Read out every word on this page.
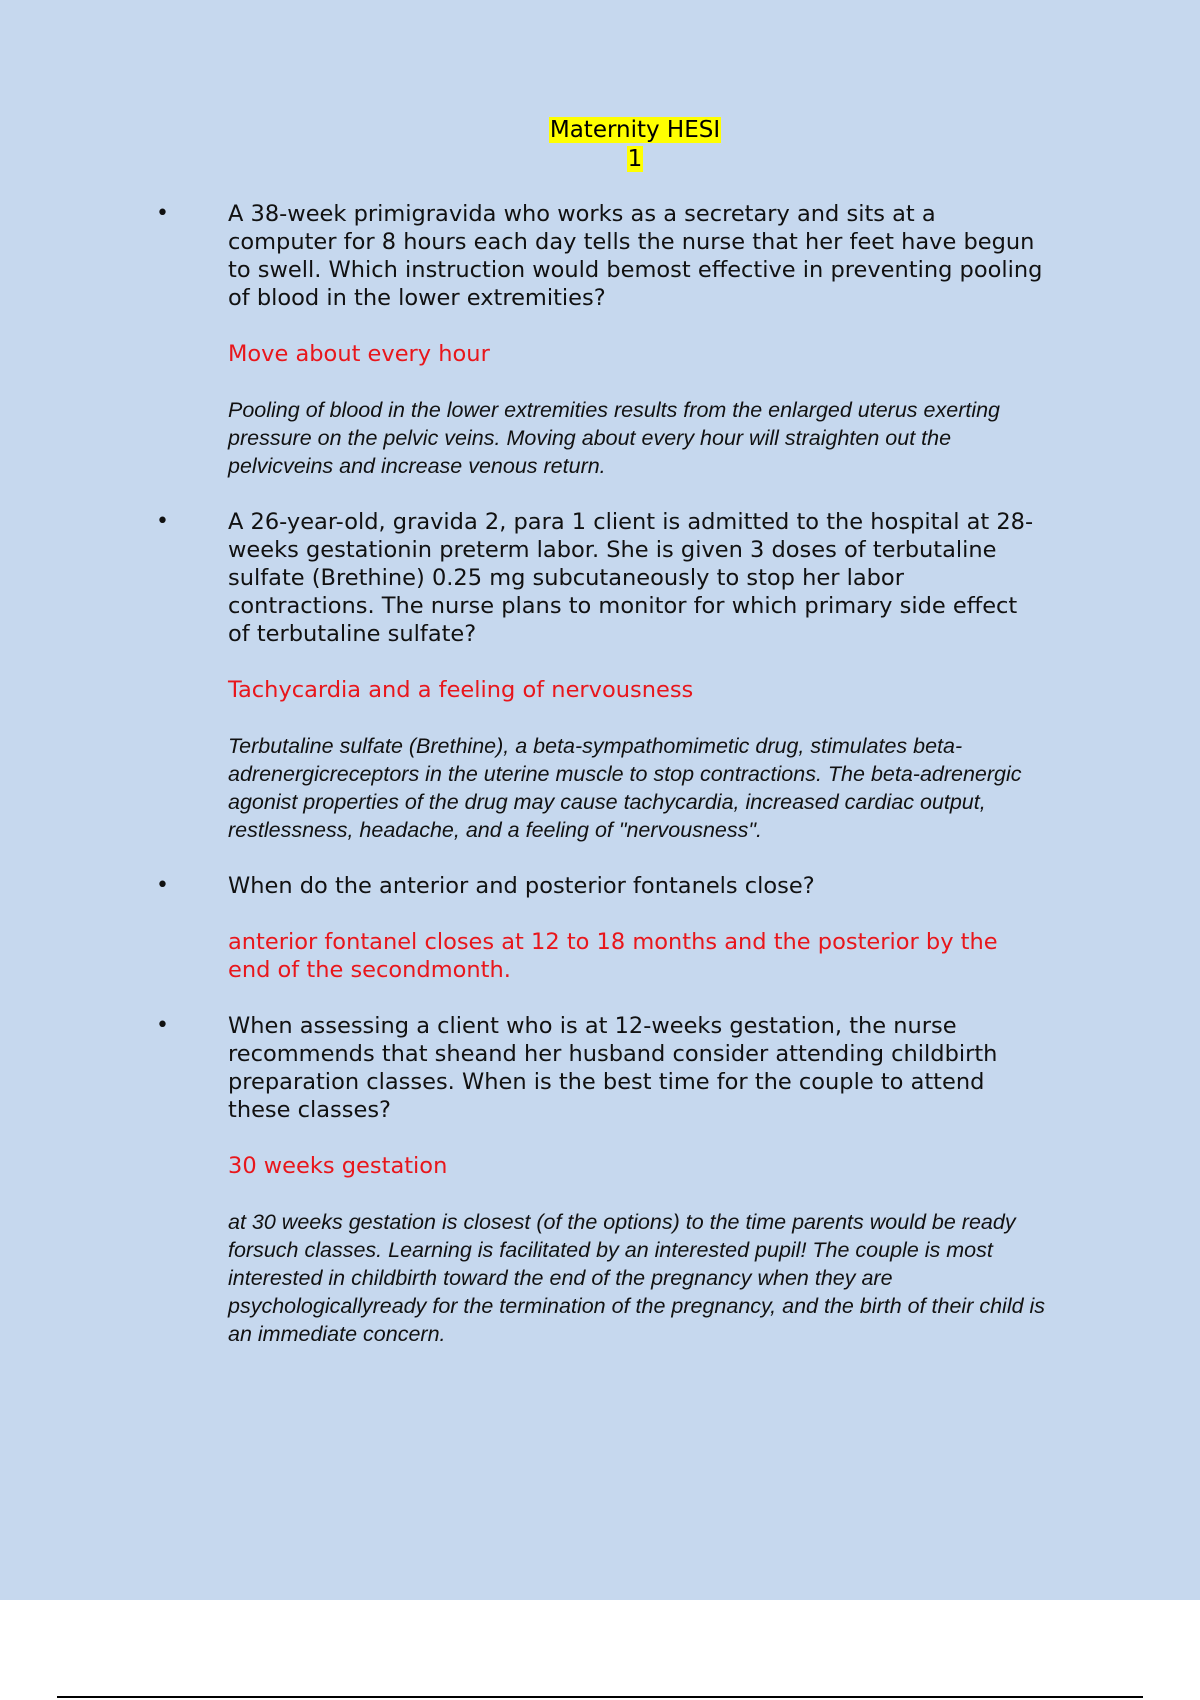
Maternity HESI
1
•	A 38-week primigravida who works as a secretary and sits at a computer for 8 hours each day tells the nurse that her feet have begun to swell. Which instruction would bemost effective in preventing pooling of blood in the lower extremities?
Move about every hour
Pooling of blood in the lower extremities results from the enlarged uterus exerting pressure on the pelvic veins. Moving about every hour will straighten out the pelvicveins and increase venous return.
•	A 26-year-old, gravida 2, para 1 client is admitted to the hospital at 28- weeks gestationin preterm labor. She is given 3 doses of terbutaline sulfate (Brethine) 0.25 mg subcutaneously to stop her labor contractions. The nurse plans to monitor for which primary side effect of terbutaline sulfate?
Tachycardia and a feeling of nervousness
Terbutaline sulfate (Brethine), a beta-sympathomimetic drug, stimulates beta-adrenergicreceptors in the uterine muscle to stop contractions. The beta-adrenergic agonist properties of the drug may cause tachycardia, increased cardiac output, restlessness, headache, and a feeling of "nervousness".
•	When do the anterior and posterior fontanels close?
anterior fontanel closes at 12 to 18 months and the posterior by the end of the secondmonth.
•	When assessing a client who is at 12-weeks gestation, the nurse recommends that sheand her husband consider attending childbirth preparation classes. When is the best time for the couple to attend these classes?
30 weeks gestation
at 30 weeks gestation is closest (of the options) to the time parents would be ready forsuch classes. Learning is facilitated by an interested pupil! The couple is most interested in childbirth toward the end of the pregnancy when they are psychologicallyready for the termination of the pregnancy, and the birth of their child is an immediate concern.
